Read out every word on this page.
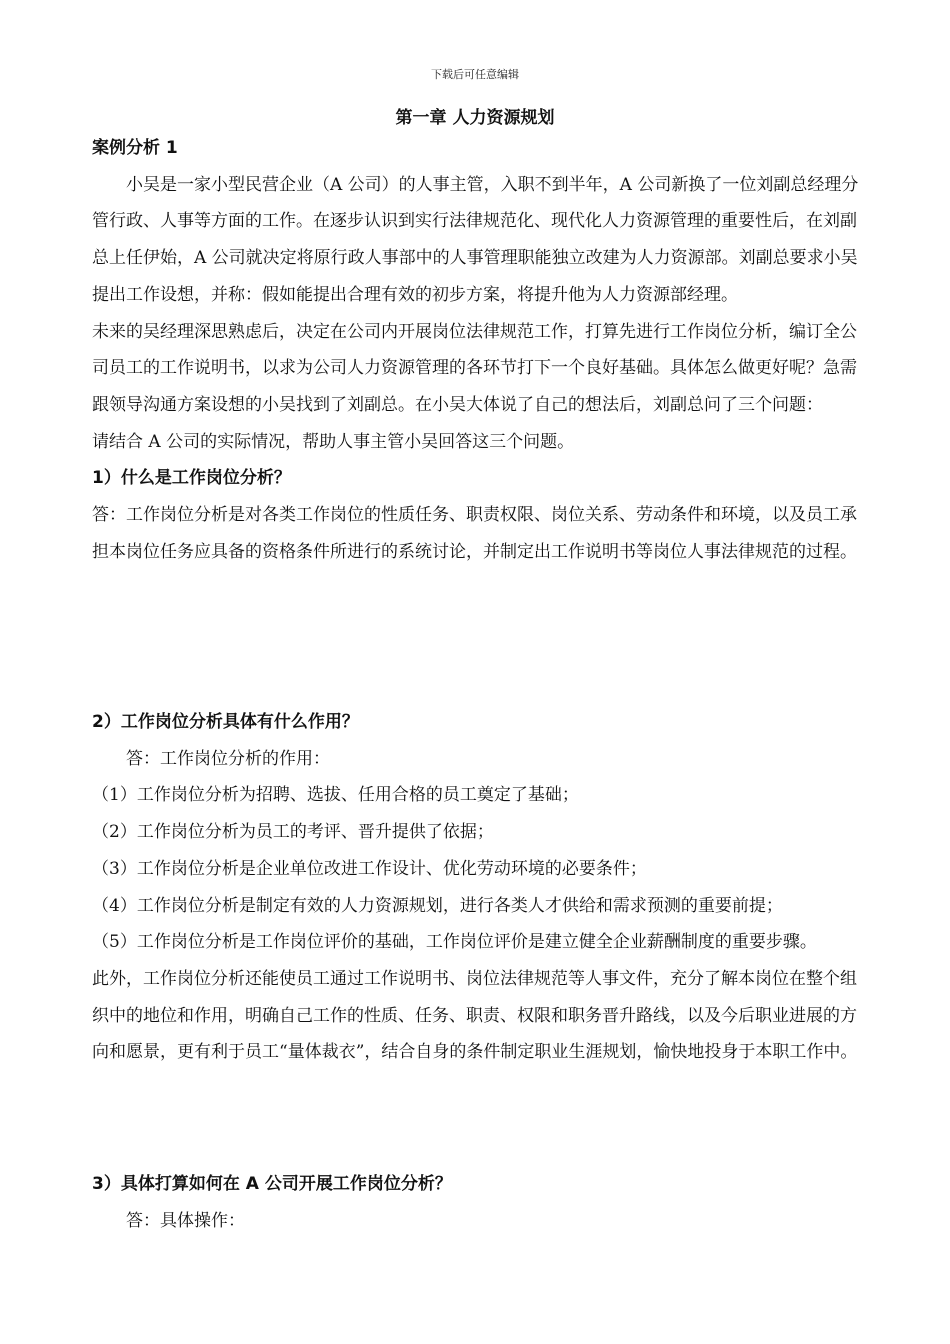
下载后可任意编辑
第一章 人力资源规划

案例分析 1

小吴是一家小型民营企业（A 公司）的人事主管，入职不到半年，A 公司新换了一位刘副总经理分管行政、人事等方面的工作。在逐步认识到实行法律规范化、现代化人力资源管理的重要性后，在刘副总上任伊始，A 公司就决定将原行政人事部中的人事管理职能独立改建为人力资源部。刘副总要求小吴提出工作设想，并称：假如能提出合理有效的初步方案，将提升他为人力资源部经理。

未来的吴经理深思熟虑后，决定在公司内开展岗位法律规范工作，打算先进行工作岗位分析，编订全公司员工的工作说明书，以求为公司人力资源管理的各环节打下一个良好基础。具体怎么做更好呢？急需跟领导沟通方案设想的小吴找到了刘副总。在小吴大体说了自己的想法后，刘副总问了三个问题：

请结合 A 公司的实际情况，帮助人事主管小吴回答这三个问题。

1）什么是工作岗位分析？

答：工作岗位分析是对各类工作岗位的性质任务、职责权限、岗位关系、劳动条件和环境，以及员工承担本岗位任务应具备的资格条件所进行的系统讨论，并制定出工作说明书等岗位人事法律规范的过程。

2）工作岗位分析具体有什么作用？

答：工作岗位分析的作用：

（1）工作岗位分析为招聘、选拔、任用合格的员工奠定了基础；

（2）工作岗位分析为员工的考评、晋升提供了依据；

（3）工作岗位分析是企业单位改进工作设计、优化劳动环境的必要条件；

（4）工作岗位分析是制定有效的人力资源规划，进行各类人才供给和需求预测的重要前提；

（5）工作岗位分析是工作岗位评价的基础，工作岗位评价是建立健全企业薪酬制度的重要步骤。

此外，工作岗位分析还能使员工通过工作说明书、岗位法律规范等人事文件，充分了解本岗位在整个组织中的地位和作用，明确自己工作的性质、任务、职责、权限和职务晋升路线，以及今后职业进展的方向和愿景，更有利于员工“量体裁衣”，结合自身的条件制定职业生涯规划，愉快地投身于本职工作中。

3）具体打算如何在 A 公司开展工作岗位分析？

答：具体操作：
